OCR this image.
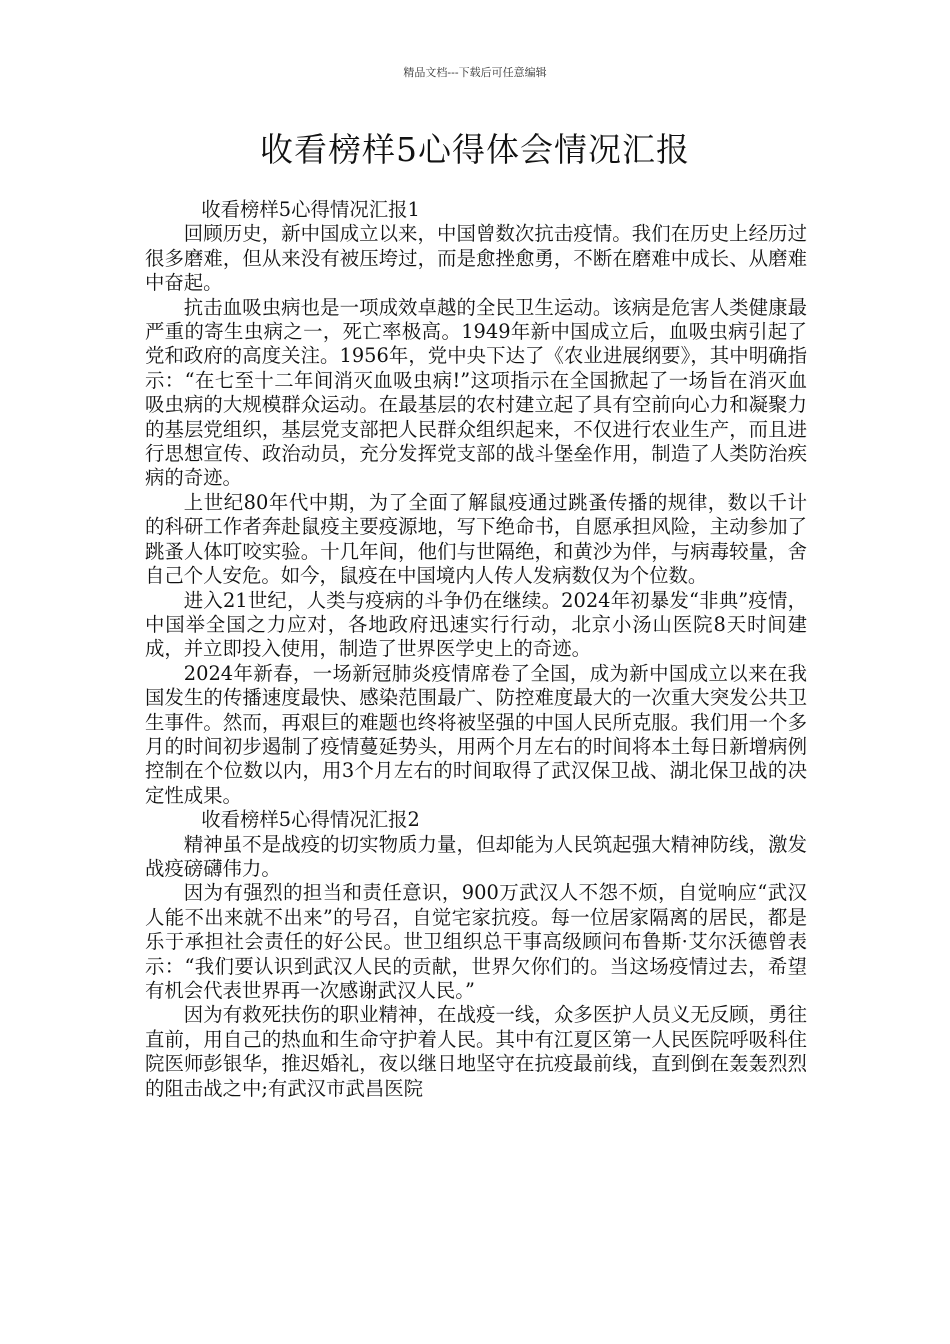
精品文档---下载后可任意编辑
收看榜样5心得体会情况汇报

收看榜样5心得情况汇报1

回顾历史，新中国成立以来，中国曾数次抗击疫情。我们在历史上经历过很多磨难，但从来没有被压垮过，而是愈挫愈勇，不断在磨难中成长、从磨难中奋起。

抗击血吸虫病也是一项成效卓越的全民卫生运动。该病是危害人类健康最严重的寄生虫病之一，死亡率极高。1949年新中国成立后，血吸虫病引起了党和政府的高度关注。1956年，党中央下达了《农业进展纲要》，其中明确指示：“在七至十二年间消灭血吸虫病!”这项指示在全国掀起了一场旨在消灭血吸虫病的大规模群众运动。在最基层的农村建立起了具有空前向心力和凝聚力的基层党组织，基层党支部把人民群众组织起来，不仅进行农业生产，而且进行思想宣传、政治动员，充分发挥党支部的战斗堡垒作用，制造了人类防治疾病的奇迹。

上世纪80年代中期，为了全面了解鼠疫通过跳蚤传播的规律，数以千计的科研工作者奔赴鼠疫主要疫源地，写下绝命书，自愿承担风险，主动参加了跳蚤人体叮咬实验。十几年间，他们与世隔绝，和黄沙为伴，与病毒较量，舍自己个人安危。如今，鼠疫在中国境内人传人发病数仅为个位数。

进入21世纪，人类与疫病的斗争仍在继续。2024年初暴发“非典”疫情，中国举全国之力应对，各地政府迅速实行行动，北京小汤山医院8天时间建成，并立即投入使用，制造了世界医学史上的奇迹。

2024年新春，一场新冠肺炎疫情席卷了全国，成为新中国成立以来在我国发生的传播速度最快、感染范围最广、防控难度最大的一次重大突发公共卫生事件。然而，再艰巨的难题也终将被坚强的中国人民所克服。我们用一个多月的时间初步遏制了疫情蔓延势头，用两个月左右的时间将本土每日新增病例控制在个位数以内，用3个月左右的时间取得了武汉保卫战、湖北保卫战的决定性成果。

收看榜样5心得情况汇报2

精神虽不是战疫的切实物质力量，但却能为人民筑起强大精神防线，激发战疫磅礴伟力。

因为有强烈的担当和责任意识，900万武汉人不怨不烦，自觉响应“武汉人能不出来就不出来”的号召，自觉宅家抗疫。每一位居家隔离的居民，都是乐于承担社会责任的好公民。世卫组织总干事高级顾问布鲁斯·艾尔沃德曾表示：“我们要认识到武汉人民的贡献，世界欠你们的。当这场疫情过去，希望有机会代表世界再一次感谢武汉人民。”

因为有救死扶伤的职业精神，在战疫一线，众多医护人员义无反顾，勇往直前，用自己的热血和生命守护着人民。其中有江夏区第一人民医院呼吸科住院医师彭银华，推迟婚礼，夜以继日地坚守在抗疫最前线，直到倒在轰轰烈烈的阻击战之中;有武汉市武昌医院
